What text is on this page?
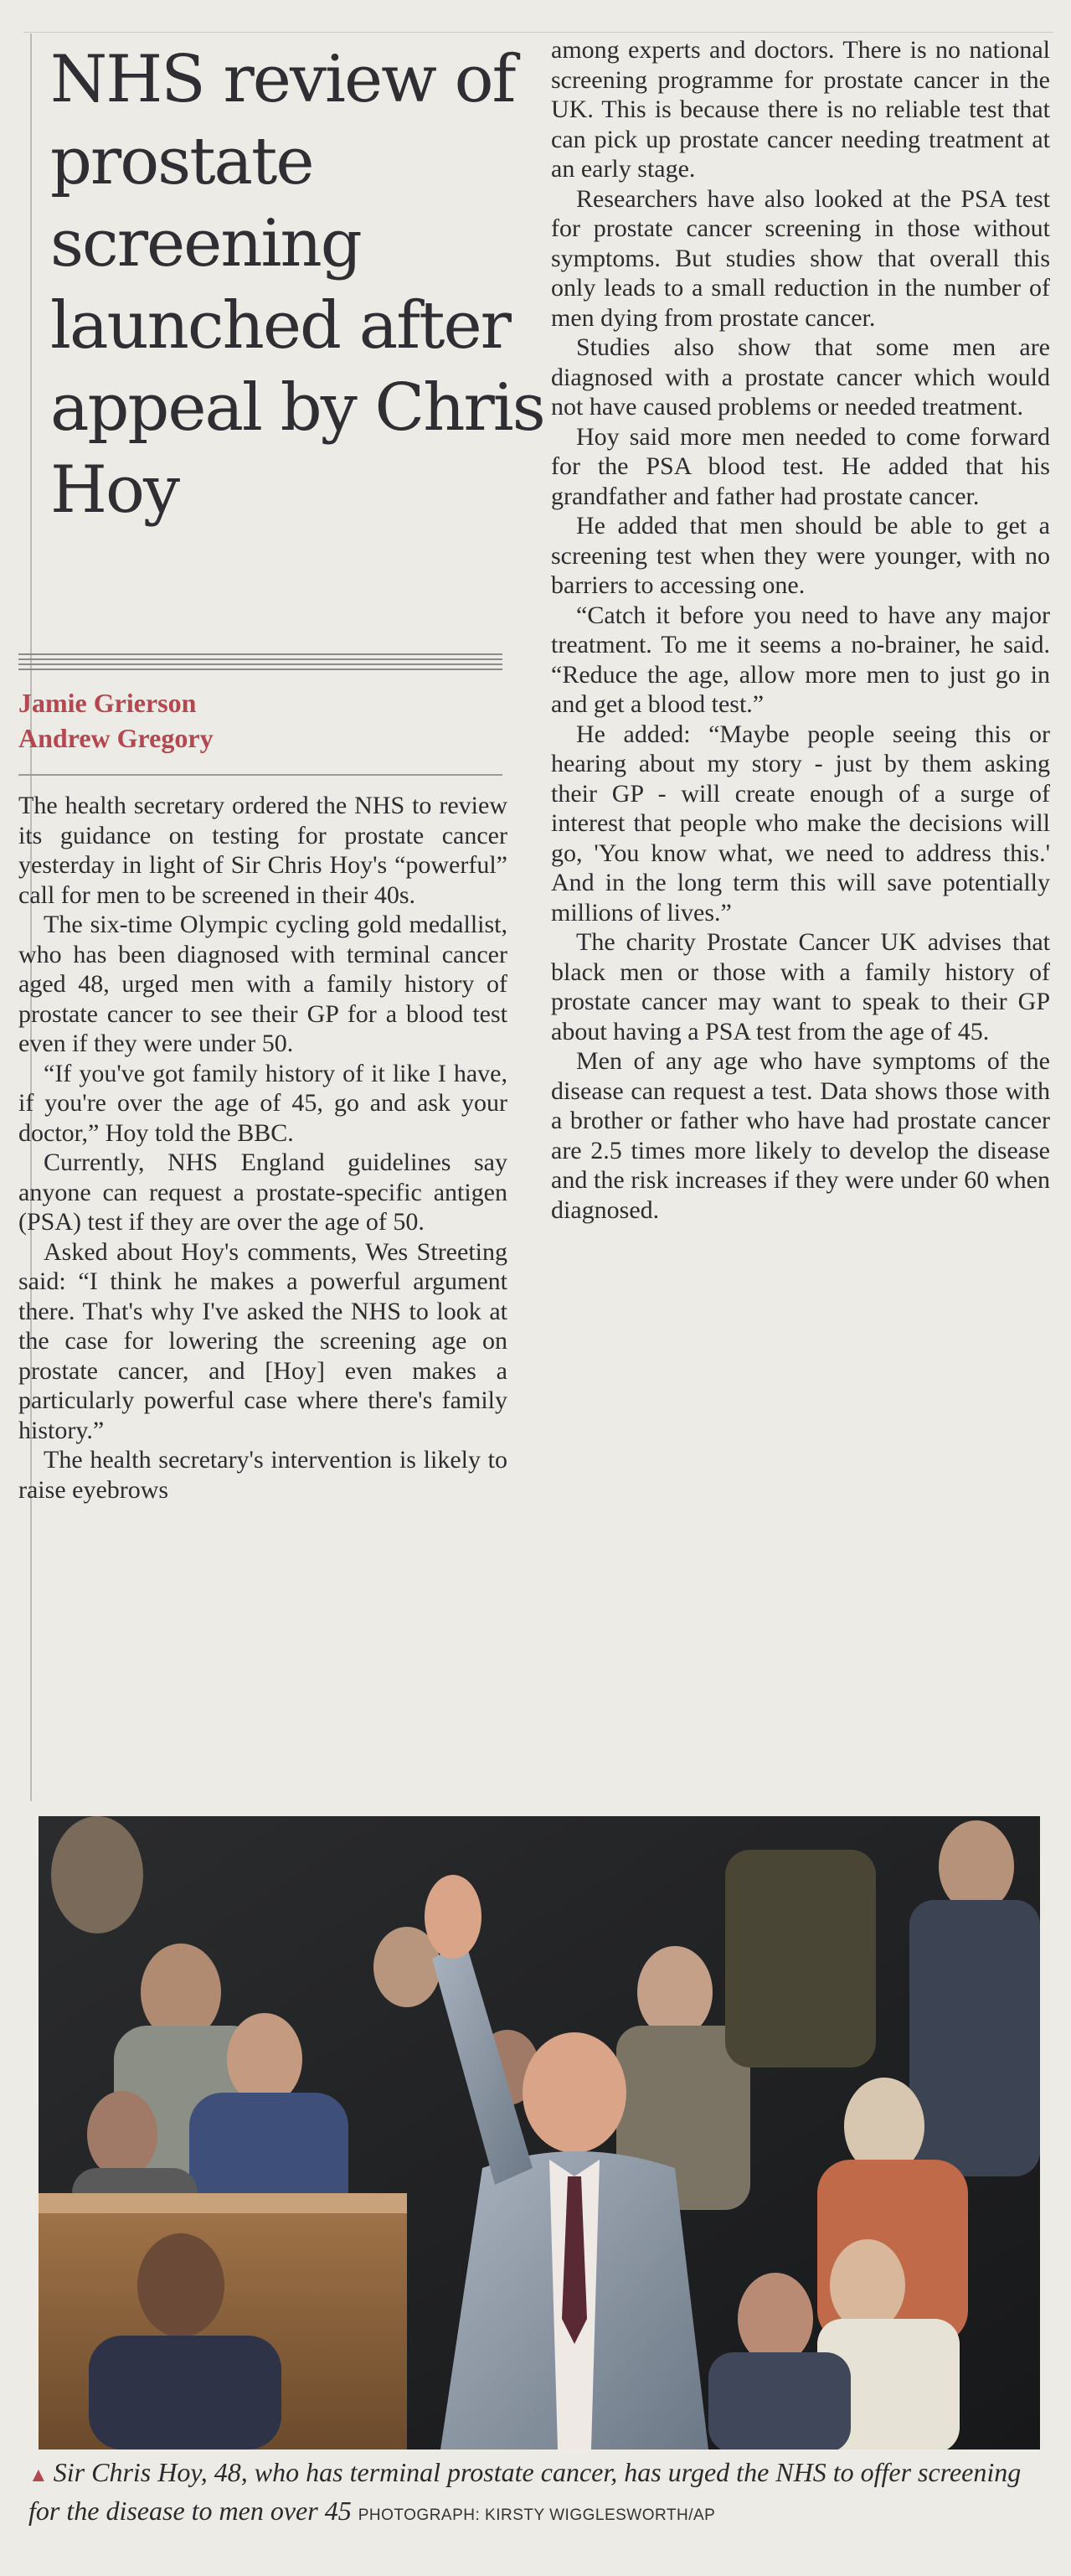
NHS review of prostate screening launched after appeal by Chris Hoy
Jamie Grierson
Andrew Gregory

The health secretary ordered the NHS to review its guidance on testing for prostate cancer yesterday in light of Sir Chris Hoy's “powerful” call for men to be screened in their 40s.

The six-time Olympic cycling gold medallist, who has been diagnosed with terminal cancer aged 48, urged men with a family history of prostate cancer to see their GP for a blood test even if they were under 50.

“If you've got family history of it like I have, if you're over the age of 45, go and ask your doctor,” Hoy told the BBC.

Currently, NHS England guidelines say anyone can request a prostate-specific antigen (PSA) test if they are over the age of 50.

Asked about Hoy's comments, Wes Streeting said: “I think he makes a powerful argument there. That's why I've asked the NHS to look at the case for lowering the screening age on prostate cancer, and [Hoy] even makes a particularly powerful case where there's family history.”

The health secretary's intervention is likely to raise eyebrows

among experts and doctors. There is no national screening programme for prostate cancer in the UK. This is because there is no reliable test that can pick up prostate cancer needing treatment at an early stage.

Researchers have also looked at the PSA test for prostate cancer screening in those without symptoms. But studies show that overall this only leads to a small reduction in the number of men dying from prostate cancer.

Studies also show that some men are diagnosed with a prostate cancer which would not have caused problems or needed treatment.

Hoy said more men needed to come forward for the PSA blood test. He added that his grandfather and father had prostate cancer.

He added that men should be able to get a screening test when they were younger, with no barriers to accessing one.

“Catch it before you need to have any major treatment. To me it seems a no-brainer, he said. “Reduce the age, allow more men to just go in and get a blood test.”

He added: “Maybe people seeing this or hearing about my story - just by them asking their GP - will create enough of a surge of interest that people who make the decisions will go, 'You know what, we need to address this.' And in the long term this will save potentially millions of lives.”

The charity Prostate Cancer UK advises that black men or those with a family history of prostate cancer may want to speak to their GP about having a PSA test from the age of 45.

Men of any age who have symptoms of the disease can request a test. Data shows those with a brother or father who have had prostate cancer are 2.5 times more likely to develop the disease and the risk increases if they were under 60 when diagnosed.

▲ Sir Chris Hoy, 48, who has terminal prostate cancer, has urged the NHS to offer screening for the disease to men over 45 PHOTOGRAPH: KIRSTY WIGGLESWORTH/AP
